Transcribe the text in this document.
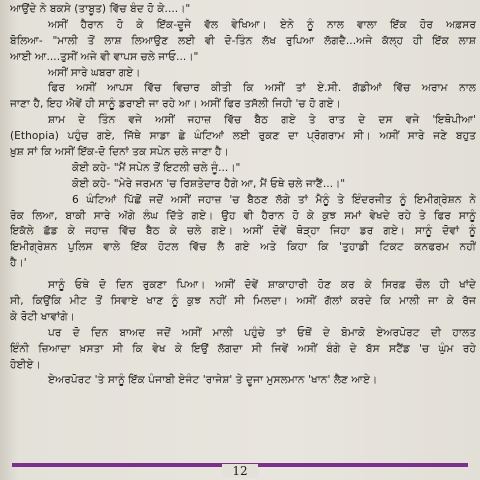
ਆਉਂਦੇ ਨੇ ਬਕਸੇ (ਤਾਬੂਤ) ਵਿੱਚ ਬੰਦ ਹੋ ਕੇ....।"
ਅਸੀਂ ਹੈਰਾਨ ਹੋ ਕੇ ਇੱਕ-ਦੂਜੇ ਵੱਲ ਵੇਖਿਆ। ਏਨੇ ਨੂੰ ਨਾਲ ਵਾਲਾ ਇੱਕ ਹੋਰ ਅਫ਼ਸਰ
ਬੋਲਿਆ- "ਮਾਲੀ ਤੋਂ ਲਾਸ਼ ਲਿਆਉਣ ਲਈ ਵੀ ਦੋ-ਤਿੰਨ ਲੱਖ ਰੁਪਿਆ ਲੱਗਦੈ...ਅਜੇ ਕੱਲ੍ਹ ਹੀ ਇੱਕ ਲਾਸ਼
ਆਈ ਆ....ਤੁਸੀਂ ਅਜੇ ਵੀ ਵਾਪਸ ਚਲੇ ਜਾਓ...।"
ਅਸੀਂ ਸਾਰੇ ਘਬਰਾ ਗਏ।
ਫਿਰ ਅਸੀਂ ਆਪਸ ਵਿੱਚ ਵਿਚਾਰ ਕੀਤੀ ਕਿ ਅਸੀਂ ਤਾਂ ਏ.ਸੀ. ਗੱਡੀਆਂ ਵਿੱਚ ਅਰਾਮ ਨਾਲ
ਜਾਣਾ ਹੈ, ਇਹ ਐਵੇਂ ਹੀ ਸਾਨੂੰ ਡਰਾਈ ਜਾ ਰਹੇ ਆ। ਅਸੀਂ ਫਿਰ ਤਸੱਲੀ ਜਿਹੀ 'ਚ ਹੋ ਗਏ।
ਸ਼ਾਮ ਦੇ ਤਿੰਨ ਵਜੇ ਅਸੀਂ ਜਹਾਜ਼ ਵਿੱਚ ਬੈਠ ਗਏ ਤੇ ਰਾਤ ਦੇ ਦਸ ਵਜੇ 'ਇਥੋਪੀਆ'
(Ethopia) ਪਹੁੰਚ ਗਏ, ਜਿੱਥੇ ਸਾਡਾ ਛੇ ਘੰਟਿਆਂ ਲਈ ਰੁਕਣ ਦਾ ਪ੍ਰੋਗਰਾਮ ਸੀ। ਅਸੀਂ ਸਾਰੇ ਜਣੇ ਬਹੁਤ
ਖ਼ੁਸ਼ ਸਾਂ ਕਿ ਅਸੀਂ ਇੱਕ-ਦੋ ਦਿਨਾਂ ਤਕ ਸਪੇਨ ਚਲੇ ਜਾਣਾ ਹੈ।
ਕੋਈ ਕਹੇ- "ਮੈਂ ਸਪੇਨ ਤੋਂ ਇਟਲੀ ਚਲੇ ਜੂੰ...।"
ਕੋਈ ਕਹੇ- "ਮੇਰੇ ਜਰਮਨ 'ਚ ਰਿਸ਼ਤੇਦਾਰ ਹੈਗੇ ਆ, ਮੈਂ ਓਥੇ ਚਲੇ ਜਾਣੈਂ...।"
6 ਘੰਟਿਆਂ ਪਿੱਛੋਂ ਜਦੋਂ ਅਸੀਂ ਜਹਾਜ਼ 'ਚ ਬੈਠਣ ਲੱਗੇ ਤਾਂ ਮੈਨੂੰ ਤੇ ਇੰਦਰਜੀਤ ਨੂੰ ਇਮੀਗ੍ਰੇਸ਼ਨ ਨੇ
ਰੋਕ ਲਿਆ, ਬਾਕੀ ਸਾਰੇ ਅੱਗੇ ਲੰਘ ਦਿੱਤੇ ਗਏ। ਉਹ ਵੀ ਹੈਰਾਨ ਹੋ ਕੇ ਕੁਝ ਸਮਾਂ ਵੇਖਦੇ ਰਹੇ ਤੇ ਫਿਰ ਸਾਨੂੰ
ਇਕੱਲੇ ਛੱਡ ਕੇ ਜਹਾਜ਼ ਵਿੱਚ ਬੈਠ ਕੇ ਚਲੇ ਗਏ। ਅਸੀਂ ਦੋਵੇਂ ਥੋੜ੍ਹਾ ਜਿਹਾ ਡਰ ਗਏ। ਸਾਨੂੰ ਦੋਵਾਂ ਨੂੰ
ਇਮੀਗ੍ਰੇਸ਼ਨ ਪੁਲਿਸ ਵਾਲੇ ਇੱਕ ਹੋਟਲ ਵਿੱਚ ਲੈ ਗਏ ਅਤੇ ਕਿਹਾ ਕਿ 'ਤੁਹਾਡੀ ਟਿਕਟ ਕਨਫਰਮ ਨਹੀਂ
ਹੈ।'
ਸਾਨੂੰ ਓਥੇ ਦੋ ਦਿਨ ਰੁਕਣਾ ਪਿਆ। ਅਸੀਂ ਦੋਵੇਂ ਸ਼ਾਕਾਹਾਰੀ ਹੋਣ ਕਰ ਕੇ ਸਿਰਫ਼ ਚੌਲ ਹੀ ਖਾਂਦੇ
ਸੀ, ਕਿਉਂਕਿ ਮੀਟ ਤੋਂ ਸਿਵਾਏ ਖਾਣ ਨੂੰ ਕੁਝ ਨਹੀਂ ਸੀ ਮਿਲਦਾ। ਅਸੀਂ ਗੱਲਾਂ ਕਰਦੇ ਕਿ ਮਾਲੀ ਜਾ ਕੇ ਰੱਜ
ਕੇ ਰੋਟੀ ਖਾਵਾਂਗੇ।
ਪਰ ਦੋ ਦਿਨ ਬਾਅਦ ਜਦੋਂ ਅਸੀਂ ਮਾਲੀ ਪਹੁੰਚੇ ਤਾਂ ਓਥੋਂ ਦੇ ਬੋਮਾਕੋ ਏਅਰਪੋਰਟ ਦੀ ਹਾਲਤ
ਇੰਨੀ ਜ਼ਿਆਦਾ ਖ਼ਸਤਾ ਸੀ ਕਿ ਵੇਖ ਕੇ ਇਉਂ ਲੱਗਦਾ ਸੀ ਜਿਵੇਂ ਅਸੀਂ ਬੰਗੇ ਦੇ ਬੱਸ ਸਟੈਂਡ 'ਚ ਘੁੰਮ ਰਹੇ
ਹੋਈਏ।
ਏਅਰਪੋਰਟ 'ਤੇ ਸਾਨੂੰ ਇੱਕ ਪੰਜਾਬੀ ਏਜੰਟ 'ਰਾਜੇਸ਼' ਤੇ ਦੂਜਾ ਮੁਸਲਮਾਨ 'ਖਾਨ' ਲੈਣ ਆਏ।
12
